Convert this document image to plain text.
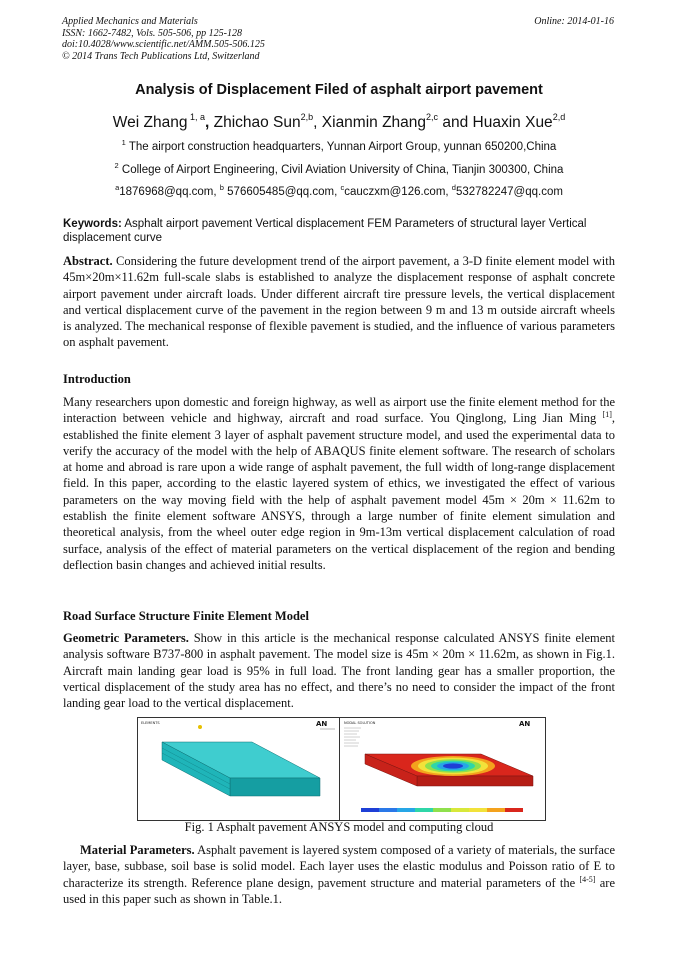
Applied Mechanics and Materials
ISSN: 1662-7482, Vols. 505-506, pp 125-128
doi:10.4028/www.scientific.net/AMM.505-506.125
© 2014 Trans Tech Publications Ltd, Switzerland
Online: 2014-01-16
Analysis of Displacement Filed of asphalt airport pavement
Wei Zhang $^{1, a}$, Zhichao Sun$^{2,b}$, Xianmin Zhang$^{2,c}$ and Huaxin Xue$^{2,d}$
$^1$ The airport construction headquarters, Yunnan Airport Group, yunnan 650200,China
$^2$ College of Airport Engineering, Civil Aviation University of China, Tianjin 300300, China
$^a$1876968@qq.com, $^b$ 576605485@qq.com, $^c$cauczxm@126.com, $^d$532782247@qq.com
Keywords: Asphalt airport pavement Vertical displacement FEM Parameters of structural layer Vertical displacement curve
Abstract. Considering the future development trend of the airport pavement, a 3-D finite element model with 45m×20m×11.62m full-scale slabs is established to analyze the displacement response of asphalt concrete airport pavement under aircraft loads. Under different aircraft tire pressure levels, the vertical displacement and vertical displacement curve of the pavement in the region between 9 m and 13 m outside aircraft wheels is analyzed. The mechanical response of flexible pavement is studied, and the influence of various parameters on asphalt pavement.
Introduction
Many researchers upon domestic and foreign highway, as well as airport use the finite element method for the interaction between vehicle and highway, aircraft and road surface. You Qinglong, Ling Jian Ming [1], established the finite element 3 layer of asphalt pavement structure model, and used the experimental data to verify the accuracy of the model with the help of ABAQUS finite element software. The research of scholars at home and abroad is rare upon a wide range of asphalt pavement, the full width of long-range displacement field. In this paper, according to the elastic layered system of ethics, we investigated the effect of various parameters on the way moving field with the help of asphalt pavement model 45m × 20m × 11.62m to establish the finite element software ANSYS, through a large number of finite element simulation and theoretical analysis, from the wheel outer edge region in 9m-13m vertical displacement calculation of road surface, analysis of the effect of material parameters on the vertical displacement of the region and bending deflection basin changes and achieved initial results.
Road Surface Structure Finite Element Model
Geometric Parameters. Show in this article is the mechanical response calculated ANSYS finite element analysis software B737-800 in asphalt pavement. The model size is 45m × 20m × 11.62m, as shown in Fig.1. Aircraft main landing gear load is 95% in full load. The front landing gear has a smaller proportion, the vertical displacement of the study area has no effect, and there’s no need to consider the impact of the front landing gear load to the vertical displacement.
ELEMENTS	AN	NODAL SOLUTION	AN
Fig. 1 Asphalt pavement ANSYS model and computing cloud
Material Parameters. Asphalt pavement is layered system composed of a variety of materials, the surface layer, base, subbase, soil base is solid model. Each layer uses the elastic modulus and Poisson ratio of E to characterize its strength. Reference plane design, pavement structure and material parameters of the [4-5] are used in this paper such as shown in Table.1.
